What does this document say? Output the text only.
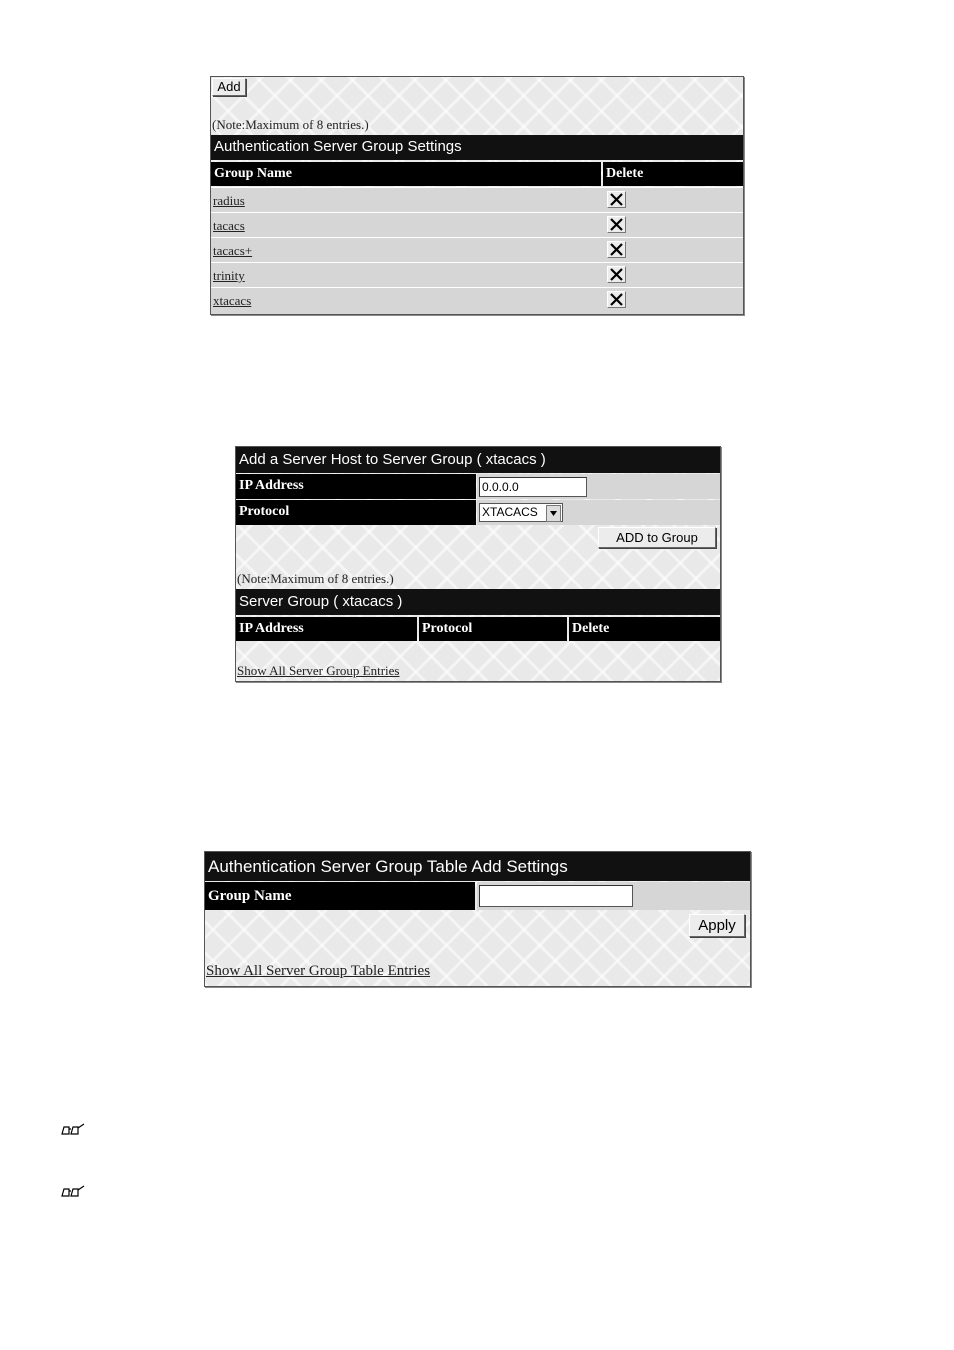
Add
(Note:Maximum of 8 entries.)
Authentication Server Group Settings
Group Name	Delete
radius
tacacs
tacacs+
trinity
xtacacs
Add a Server Host to Server Group ( xtacacs )
IP Address	0.0.0.0
Protocol	XTACACS
ADD to Group
(Note:Maximum of 8 entries.)
Server Group ( xtacacs )
IP Address	Protocol	Delete
Show All Server Group Entries
Authentication Server Group Table Add Settings
Group Name
Apply
Show All Server Group Table Entries
